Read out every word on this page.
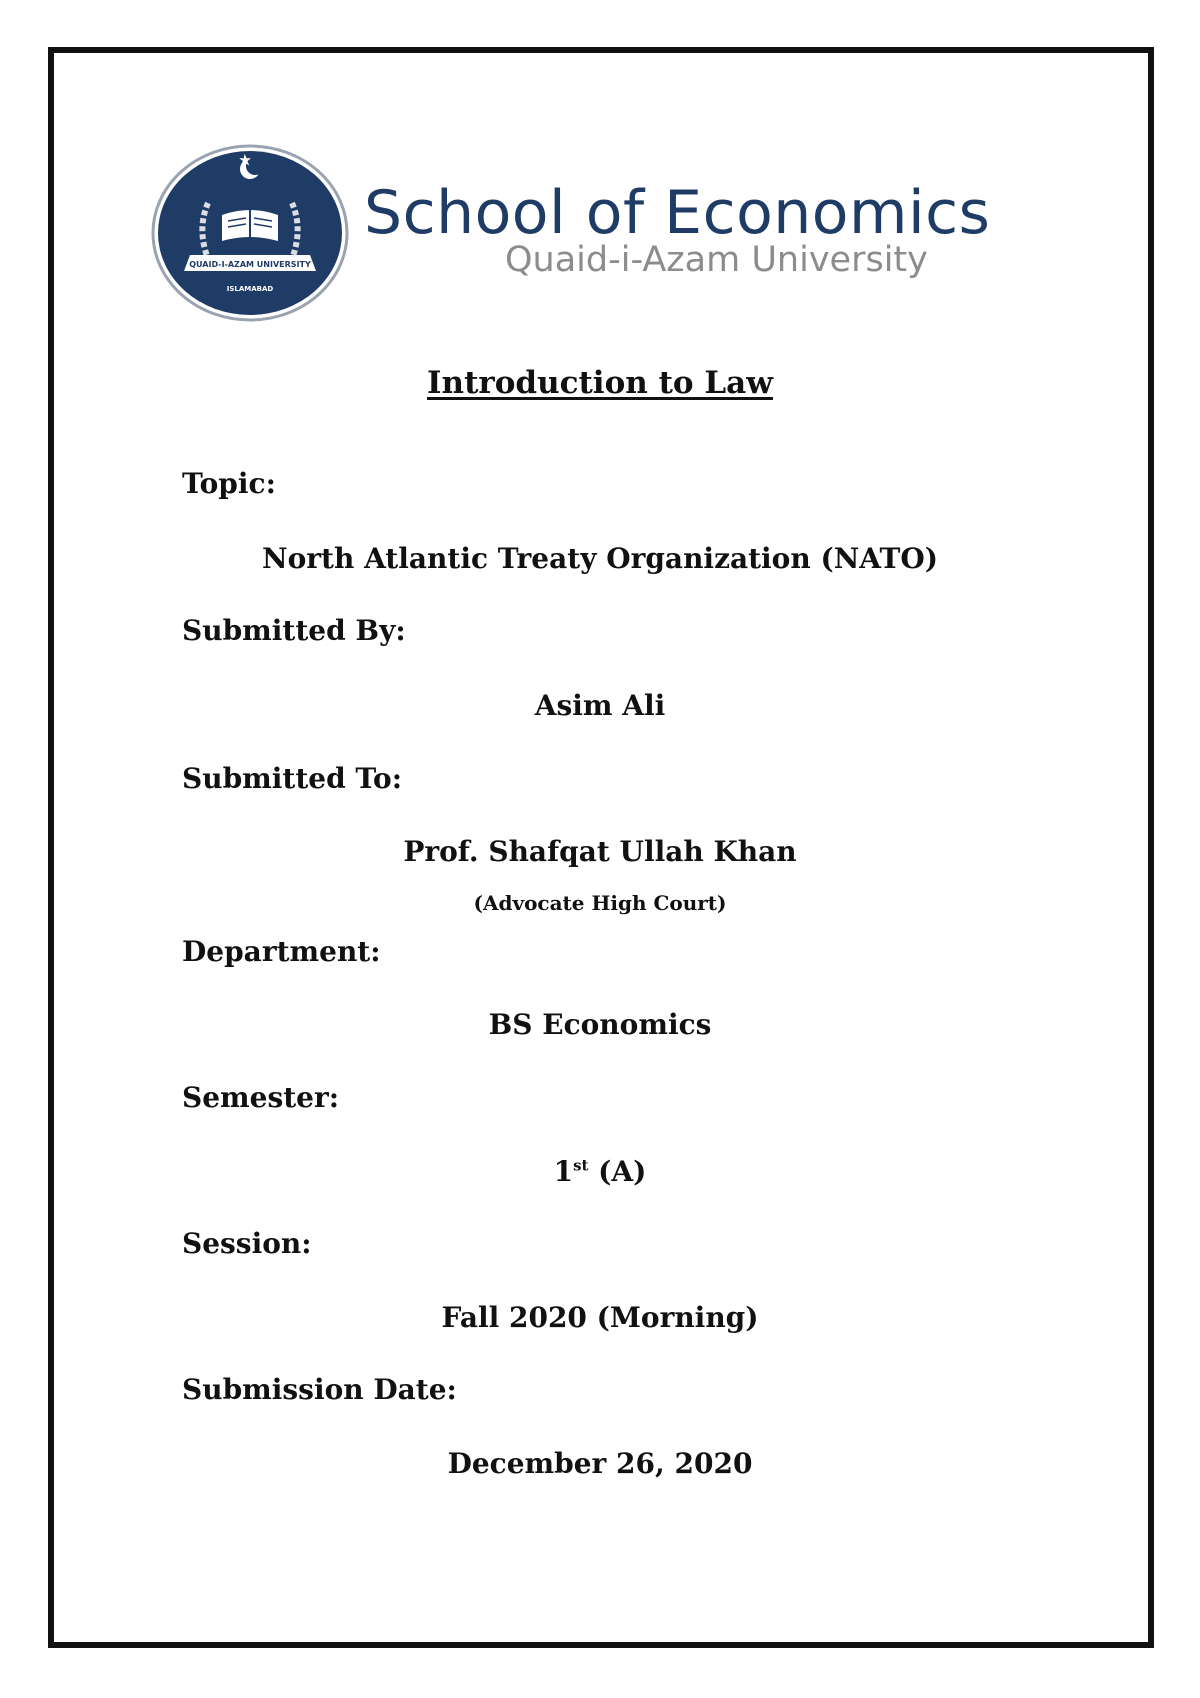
QUAID-I-AZAM UNIVERSITY
ISLAMABAD
School of Economics
Quaid-i-Azam University
Introduction to Law
Topic:
North Atlantic Treaty Organization (NATO)
Submitted By:
Asim Ali
Submitted To:
Prof. Shafqat Ullah Khan
(Advocate High Court)
Department:
BS Economics
Semester:
1st (A)
Session:
Fall 2020 (Morning)
Submission Date:
December 26, 2020
